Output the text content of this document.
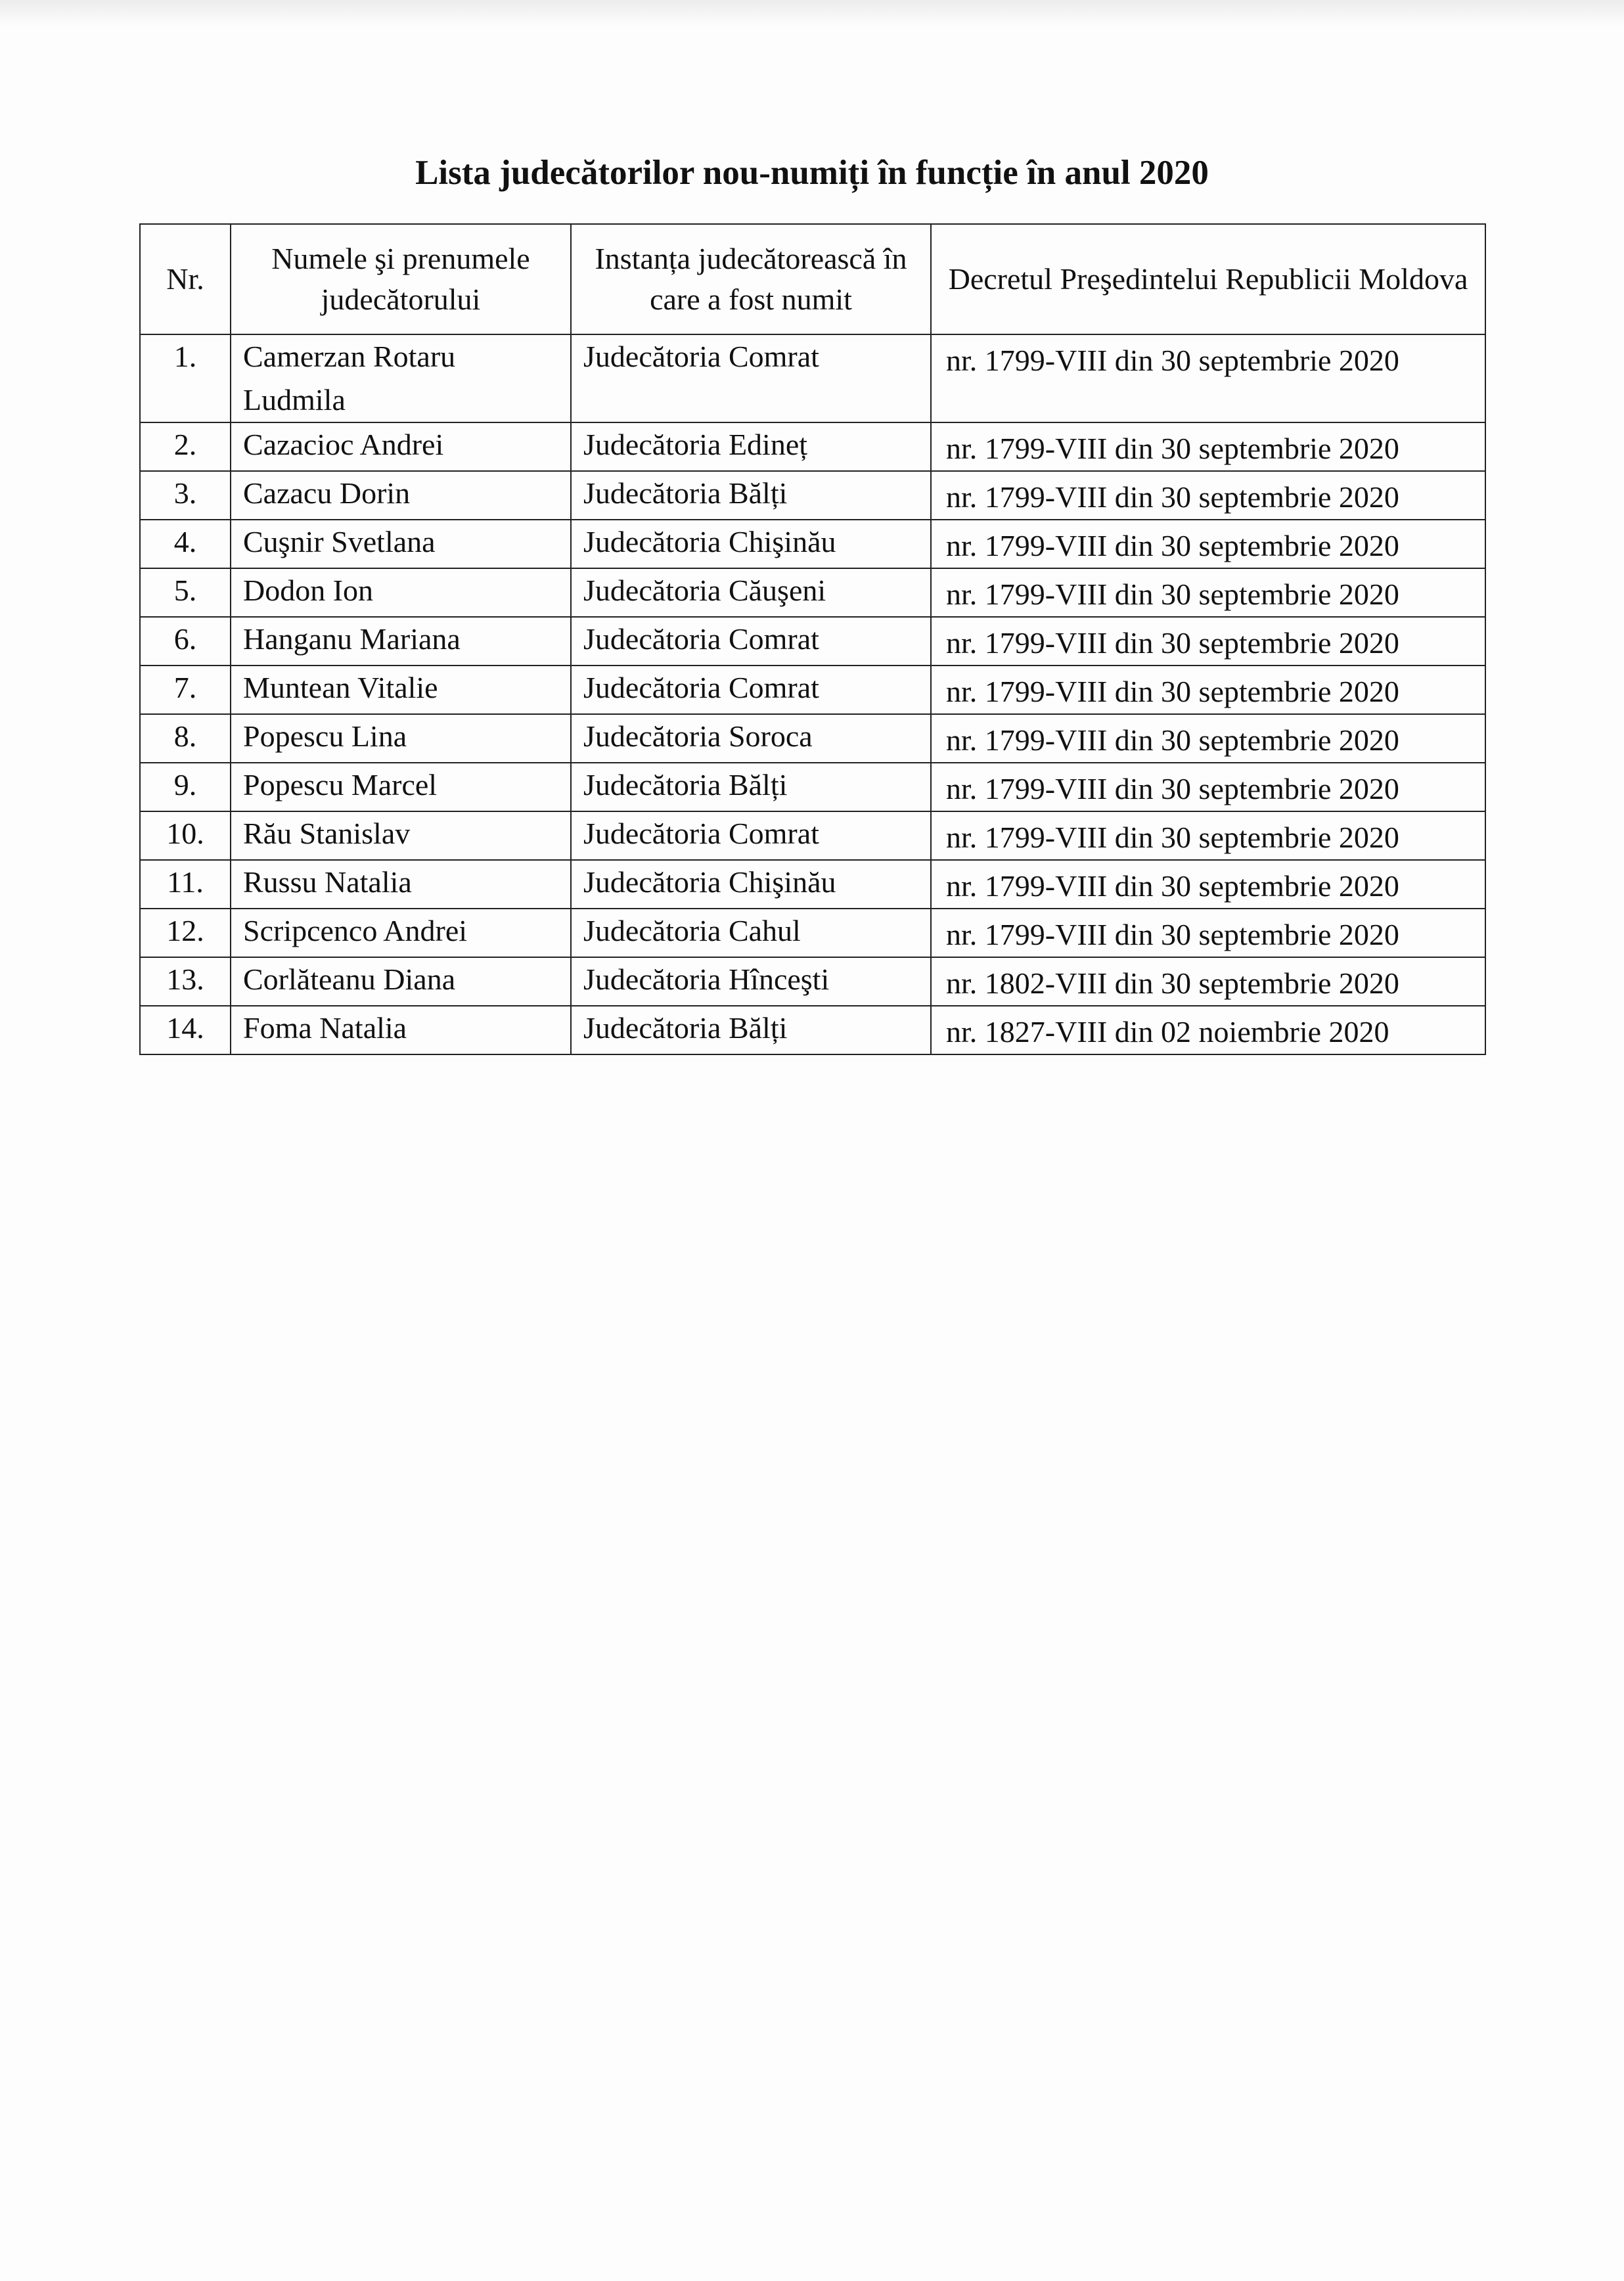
Lista judecătorilor nou-numiți în funcție în anul 2020
Nr.	Numele şi prenumele judecătorului	Instanța judecătorească în care a fost numit	Decretul Preşedintelui Republicii Moldova
1.	Camerzan Rotaru Ludmila	Judecătoria Comrat	nr. 1799-VIII din 30 septembrie 2020
2.	Cazacioc Andrei	Judecătoria Edineț	nr. 1799-VIII din 30 septembrie 2020
3.	Cazacu Dorin	Judecătoria Bălți	nr. 1799-VIII din 30 septembrie 2020
4.	Cuşnir Svetlana	Judecătoria Chişinău	nr. 1799-VIII din 30 septembrie 2020
5.	Dodon Ion	Judecătoria Căuşeni	nr. 1799-VIII din 30 septembrie 2020
6.	Hanganu Mariana	Judecătoria Comrat	nr. 1799-VIII din 30 septembrie 2020
7.	Muntean Vitalie	Judecătoria Comrat	nr. 1799-VIII din 30 septembrie 2020
8.	Popescu Lina	Judecătoria Soroca	nr. 1799-VIII din 30 septembrie 2020
9.	Popescu Marcel	Judecătoria Bălți	nr. 1799-VIII din 30 septembrie 2020
10.	Rău Stanislav	Judecătoria Comrat	nr. 1799-VIII din 30 septembrie 2020
11.	Russu Natalia	Judecătoria Chişinău	nr. 1799-VIII din 30 septembrie 2020
12.	Scripcenco Andrei	Judecătoria Cahul	nr. 1799-VIII din 30 septembrie 2020
13.	Corlăteanu Diana	Judecătoria Hînceşti	nr. 1802-VIII din 30 septembrie 2020
14.	Foma Natalia	Judecătoria Bălți	nr. 1827-VIII din 02 noiembrie 2020
